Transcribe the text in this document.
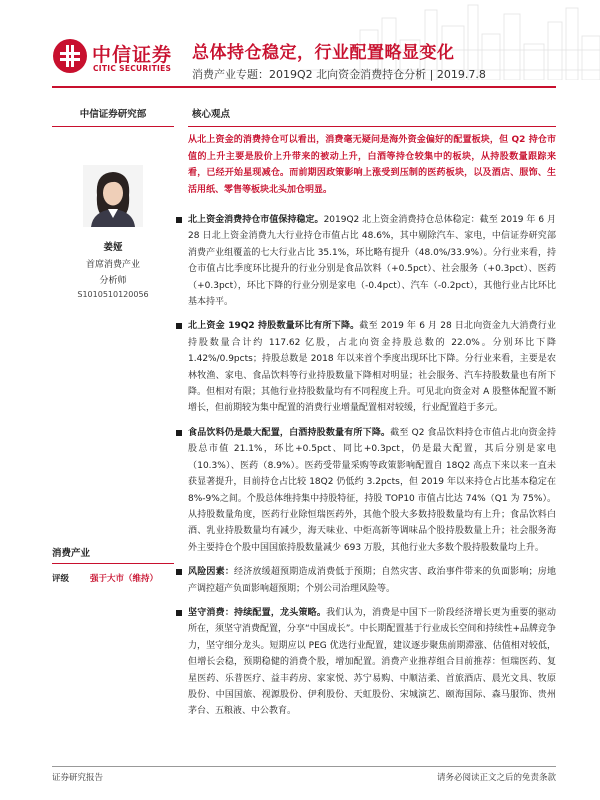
中信证券
CITIC SECURITIES
总体持仓稳定，行业配置略显变化
消费产业专题：2019Q2 北向资金消费持仓分析 | 2019.7.8
中信证券研究部
姜娅
首席消费产业
分析师
S1010510120056
消费产业
评级	强于大市（维持）
核心观点
从北上资金的消费持仓可以看出，消费毫无疑问是海外资金偏好的配置板块，但 Q2 持仓市值的上升主要是股价上升带来的被动上升，白酒等持仓较集中的板块，从持股数量跟踪来看，已经开始星现减仓。而前期因政策影响上涨受到压制的医药板块，以及酒店、服饰、生活用纸、零售等板块北头加仓明显。
北上资金消费持仓市值保持稳定。2019Q2 北上资金消费持仓总体稳定：截至 2019 年 6 月 28 日北上资金消费九大行业持仓市值占比 48.6%，其中剔除汽车、家电，中信证券研究部消费产业组覆盖的七大行业占比 35.1%，环比略有提升（48.0%/33.9%）。分行业来看，持仓市值占比季度环比提升的行业分别是食品饮料（+0.5pct）、社会服务（+0.3pct）、医药（+0.3pct），环比下降的行业分别是家电（-0.4pct）、汽车（-0.2pct），其他行业占比环比基本持平。
北上资金 19Q2 持股数量环比有所下降。截至 2019 年 6 月 28 日北向资金九大消费行业持股数量合计约 117.62 亿股，占北向资金持股总数的 22.0%。分别环比下降 1.42%/0.9pcts；持股总数是 2018 年以来首个季度出现环比下降。分行业来看，主要是农林牧渔、家电、食品饮料等行业持股数量下降相对明显；社会服务、汽车持股数量也有所下降。但相对有限；其他行业持股数量均有不同程度上升。可见北向资金对 A 股整体配置不断增长，但前期较为集中配置的消费行业增量配置相对较缓，行业配置趋于多元。
食品饮料仍是最大配置，白酒持股数量有所下降。截至 Q2 食品饮料持仓市值占北向资金持股总市值 21.1%，环比+0.5pct、同比+0.3pct，仍是最大配置，其后分别是家电（10.3%）、医药（8.9%）。医药受带量采购等政策影响配置自 18Q2 高点下来以来一直未获显著提升，目前持仓占比较 18Q2 仍低约 3.2pcts，但 2019 年以来持仓占比基本稳定在 8%-9%之间。个股总体维持集中持股特征，持股 TOP10 市值占比达 74%（Q1 为 75%）。从持股数量角度，医药行业除恒瑞医药外，其他个股大多数持股数量均有上升；食品饮料白酒、乳业持股数量均有减少，海天味业、中炬高新等调味品个股持股数量上升；社会服务海外主要持仓个股中国国旅持股数量减少 693 万股，其他行业大多数个股持股数量均上升。
风险因素：经济放缓超预期造成消费低于预期；自然灾害、政治事件带来的负面影响；房地产调控超产负面影响超预期；个别公司治理风险等。
坚守消费：持续配置，龙头策略。我们认为，消费是中国下一阶段经济增长更为重要的驱动所在，须坚守消费配置，分享“中国成长”。中长期配置基于行业成长空间和持续性+品牌竞争力，坚守细分龙头。短期应以 PEG 优选行业配置，建议逐步聚焦前期滞涨、估值相对较低，但增长会稳，预期稳健的消费个股，增加配置。消费产业推荐组合目前推荐：恒瑞医药、复星医药、乐普医疗、益丰药房、家家悦、苏宁易购、中顺洁柔、首旅酒店、晨光文具、牧原股份、中国国旅、视源股份、伊利股份、天虹股份、宋城演艺、颐海国际、森马服饰、贵州茅台、五粮液、中公教育。
证券研究报告	请务必阅读正文之后的免责条款
